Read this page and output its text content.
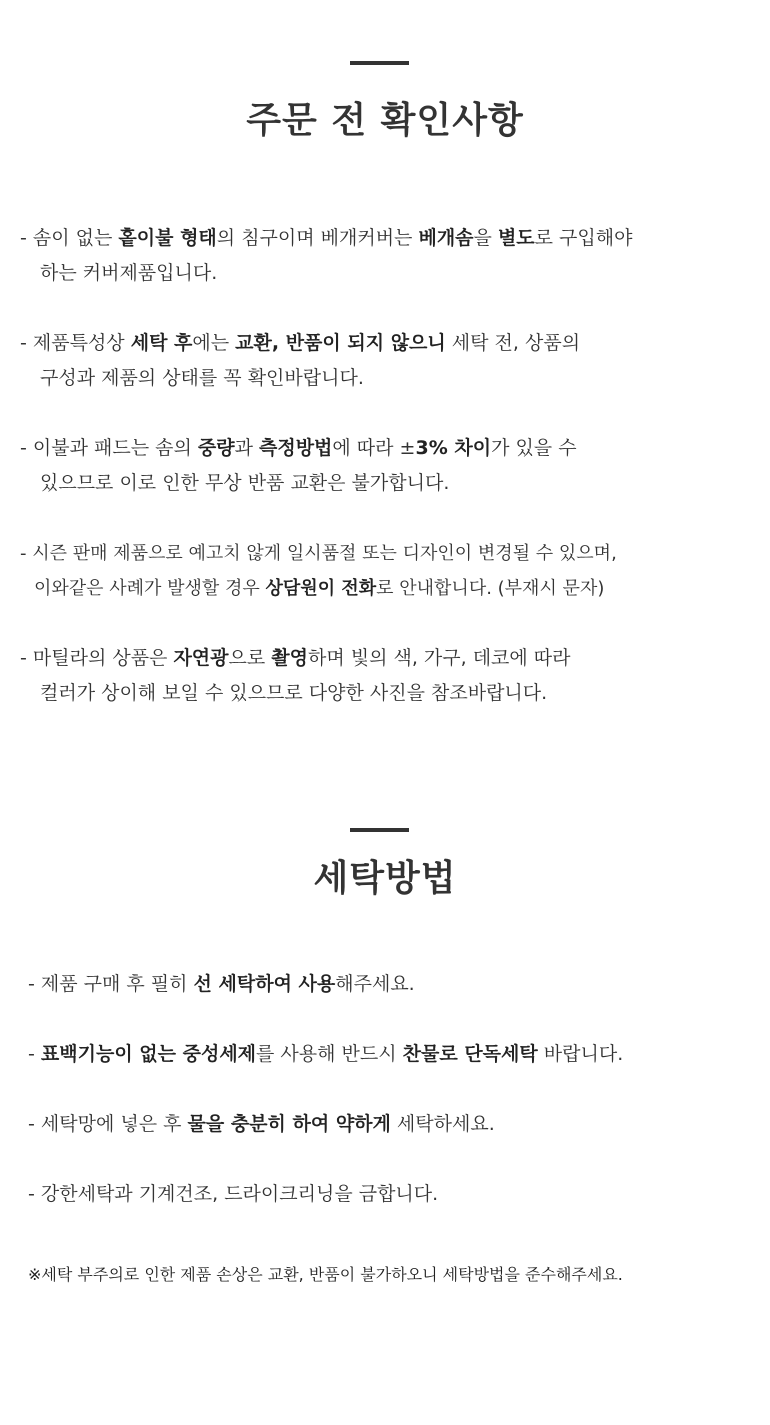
주문 전 확인사항
- 솜이 없는 홑이불 형태의 침구이며 베개커버는 베개솜을 별도로 구입해야
하는 커버제품입니다.
- 제품특성상 세탁 후에는 교환, 반품이 되지 않으니 세탁 전, 상품의
구성과 제품의 상태를 꼭 확인바랍니다.
- 이불과 패드는 솜의 중량과 측정방법에 따라 ±3% 차이가 있을 수
있으므로 이로 인한 무상 반품 교환은 불가합니다.
- 시즌 판매 제품으로 예고치 않게 일시품절 또는 디자인이 변경될 수 있으며,
이와같은 사례가 발생할 경우 상담원이 전화로 안내합니다. (부재시 문자)
- 마틸라의 상품은 자연광으로 촬영하며 빛의 색, 가구, 데코에 따라
컬러가 상이해 보일 수 있으므로 다양한 사진을 참조바랍니다.
세탁방법
- 제품 구매 후 필히 선 세탁하여 사용해주세요.
- 표백기능이 없는 중성세제를 사용해 반드시 찬물로 단독세탁 바랍니다.
- 세탁망에 넣은 후 물을 충분히 하여 약하게 세탁하세요.
- 강한세탁과 기계건조, 드라이크리닝을 금합니다.

※세탁 부주의로 인한 제품 손상은 교환, 반품이 불가하오니 세탁방법을 준수해주세요.
